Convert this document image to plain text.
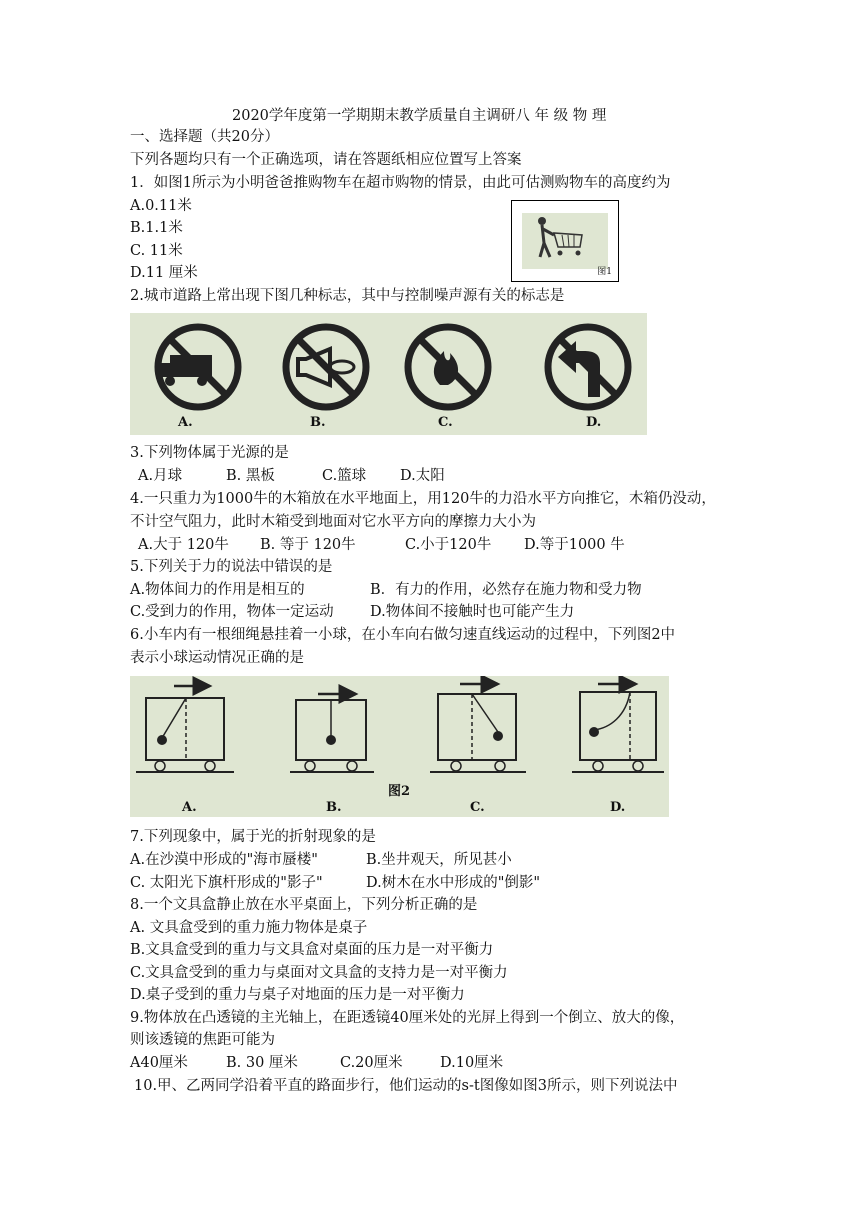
2020学年度第一学期期末教学质量自主调研八 年 级 物 理
一、选择题（共20分）
下列各题均只有一个正确选项，请在答题纸相应位置写上答案
1．如图1所示为小明爸爸推购物车在超市购物的情景，由此可估测购物车的高度约为
A.0.11米
B.1.1米
C. 11米
D.11 厘米	图1
2.城市道路上常出现下图几种标志，其中与控制噪声源有关的标志是
A.	B.	C.	D.
3.下列物体属于光源的是
A.月球	B. 黑板	C.篮球 D.太阳
4.一只重力为1000牛的木箱放在水平地面上，用120牛的力沿水平方向推它，木箱仍没动，
不计空气阻力，此时木箱受到地面对它水平方向的摩擦力大小为
A.大于 120牛 B. 等于 120牛	C.小于120牛 D.等于1000 牛
5.下列关于力的说法中错误的是
A.物体间力的作用是相互的	B．有力的作用，必然存在施力物和受力物
C.受到力的作用，物体一定运动	D.物体间不接触时也可能产生力
6.小车内有一根细绳悬挂着一小球，在小车向右做匀速直线运动的过程中，下列图2中
表示小球运动情况正确的是
图2
A.	B.	C.	D.
7.下列现象中，属于光的折射现象的是
A.在沙漠中形成的"海市蜃楼"	B.坐井观天，所见甚小
C. 太阳光下旗杆形成的"影子"	D.树木在水中形成的"倒影"
8.一个文具盒静止放在水平桌面上，下列分析正确的是
A. 文具盒受到的重力施力物体是桌子
B.文具盒受到的重力与文具盒对桌面的压力是一对平衡力
C.文具盒受到的重力与桌面对文具盒的支持力是一对平衡力
D.桌子受到的重力与桌子对地面的压力是一对平衡力
9.物体放在凸透镜的主光轴上，在距透镜40厘米处的光屏上得到一个倒立、放大的像，
则该透镜的焦距可能为
A40厘米	B. 30 厘米	C.20厘米	D.10厘米
10.甲、乙两同学沿着平直的路面步行，他们运动的s-t图像如图3所示，则下列说法中
